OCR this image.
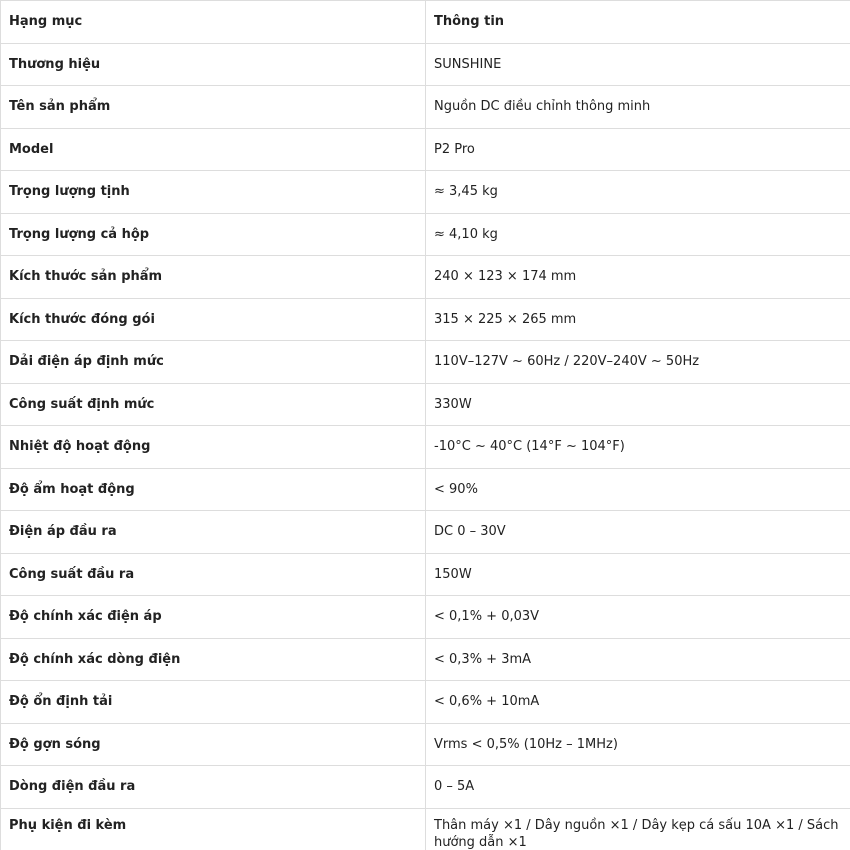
Hạng mục	Thông tin
Thương hiệu	SUNSHINE
Tên sản phẩm	Nguồn DC điều chỉnh thông minh
Model	P2 Pro
Trọng lượng tịnh	≈ 3,45 kg
Trọng lượng cả hộp	≈ 4,10 kg
Kích thước sản phẩm	240 × 123 × 174 mm
Kích thước đóng gói	315 × 225 × 265 mm
Dải điện áp định mức	110V–127V ~ 60Hz / 220V–240V ~ 50Hz
Công suất định mức	330W
Nhiệt độ hoạt động	-10°C ~ 40°C (14°F ~ 104°F)
Độ ẩm hoạt động	< 90%
Điện áp đầu ra	DC 0 – 30V
Công suất đầu ra	150W
Độ chính xác điện áp	< 0,1% + 0,03V
Độ chính xác dòng điện	< 0,3% + 3mA
Độ ổn định tải	< 0,6% + 10mA
Độ gợn sóng	Vrms < 0,5% (10Hz – 1MHz)
Dòng điện đầu ra	0 – 5A
Phụ kiện đi kèm	Thân máy ×1 / Dây nguồn ×1 / Dây kẹp cá sấu 10A ×1 / Sách hướng dẫn ×1
